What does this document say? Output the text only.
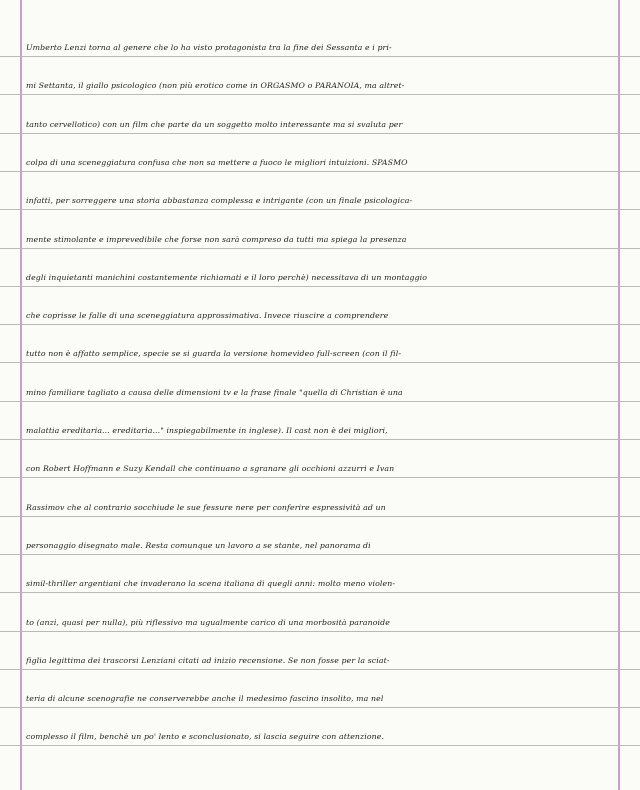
Umberto Lenzi torna al genere che lo ha visto protagonista tra la fine dei Sessanta e i pri-
mi Settanta, il giallo psicologico (non più erotico come in ORGASMO o PARANOIA, ma altret-
tanto cervellotico) con un film che parte da un soggetto molto interessante ma si svaluta per
colpa di una sceneggiatura confusa che non sa mettere a fuoco le migliori intuizioni. SPASMO
infatti, per sorreggere una storia abbastanza complessa e intrigante (con un finale psicologica-
mente stimolante e imprevedibile che forse non sarà compreso da tutti ma spiega la presenza
degli inquietanti manichini costantemente richiamati e il loro perchè) necessitava di un montaggio
che coprisse le falle di una sceneggiatura approssimativa. Invece riuscire a comprendere
tutto non è affatto semplice, specie se si guarda la versione homevideo full-screen (con il fil-
mino familiare tagliato a causa delle dimensioni tv e la frase finale "quella di Christian è una
malattia ereditaria... ereditaria..." inspiegabilmente in inglese). Il cast non è dei migliori,
con Robert Hoffmann e Suzy Kendall che continuano a sgranare gli occhioni azzurri e Ivan
Rassimov che al contrario socchiude le sue fessure nere per conferire espressività ad un
personaggio disegnato male. Resta comunque un lavoro a se stante, nel panorama di
simil-thriller argentiani che invaderano la scena italiana di quegli anni: molto meno violen-
to (anzi, quasi per nulla), più riflessivo ma ugualmente carico di una morbosità paranoide
figlia legittima dei trascorsi Lenziani citati ad inizio recensione. Se non fosse per la sciat-
teria di alcune scenografie ne conserverebbe anche il medesimo fascino insolito, ma nel
complesso il film, benchè un po' lento e sconclusionato, si lascia seguire con attenzione.
